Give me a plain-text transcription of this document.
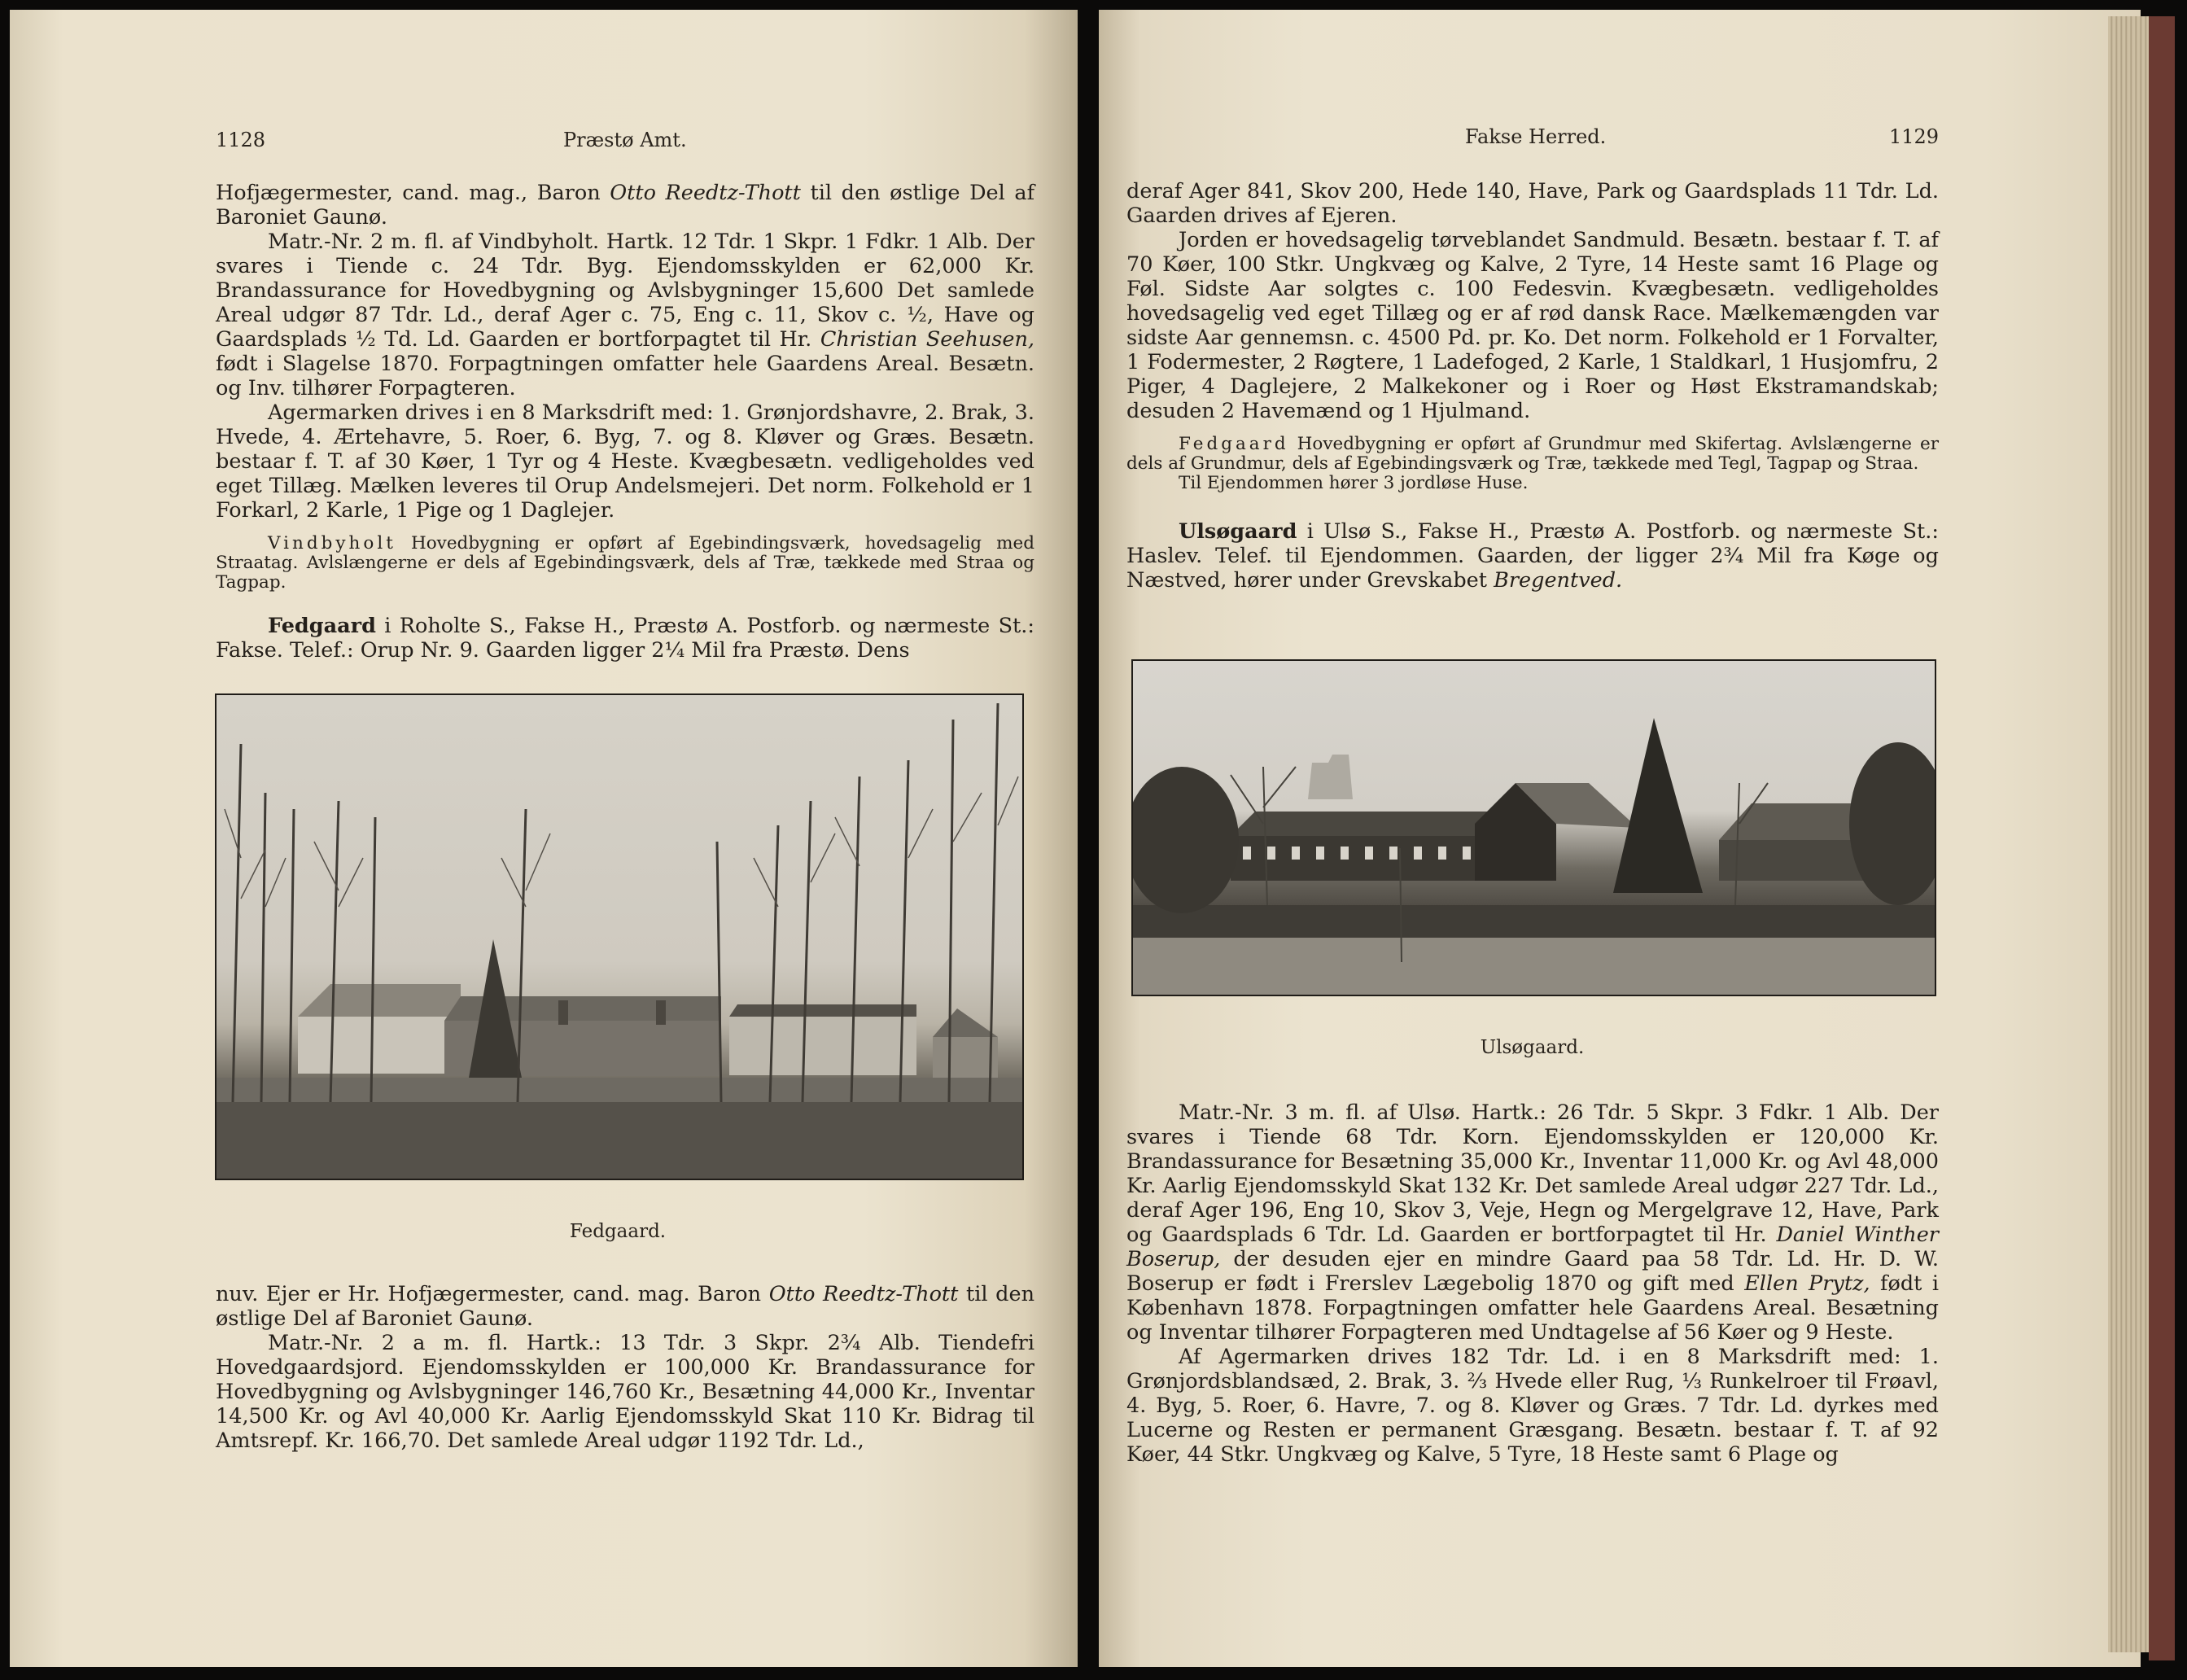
1128	Præstø Amt.

Hofjægermester, cand. mag., Baron Otto Reedtz-Thott til den østlige Del af Baroniet Gaunø.

Matr.-Nr. 2 m. fl. af Vindbyholt. Hartk. 12 Tdr. 1 Skpr. 1 Fdkr. 1 Alb. Der svares i Tiende c. 24 Tdr. Byg. Ejendomsskylden er 62,000 Kr. Brandassurance for Hovedbygning og Avlsbygninger 15,600 Det samlede Areal udgør 87 Tdr. Ld., deraf Ager c. 75, Eng c. 11, Skov c. ½, Have og Gaardsplads ½ Td. Ld. Gaarden er bortforpagtet til Hr. Christian Seehusen, født i Slagelse 1870. Forpagtningen omfatter hele Gaardens Areal. Besætn. og Inv. tilhører Forpagteren.

Agermarken drives i en 8 Marksdrift med: 1. Grønjordshavre, 2. Brak, 3. Hvede, 4. Ærtehavre, 5. Roer, 6. Byg, 7. og 8. Kløver og Græs. Besætn. bestaar f. T. af 30 Køer, 1 Tyr og 4 Heste. Kvægbesætn. vedligeholdes ved eget Tillæg. Mælken leveres til Orup Andelsmejeri. Det norm. Folkehold er 1 Forkarl, 2 Karle, 1 Pige og 1 Daglejer.

Vindbyholt Hovedbygning er opført af Egebindingsværk, hovedsagelig med Straatag. Avlslængerne er dels af Egebindingsværk, dels af Træ, tækkede med Straa og Tagpap.

Fedgaard i Roholte S., Fakse H., Præstø A. Postforb. og nærmeste St.: Fakse. Telef.: Orup Nr. 9. Gaarden ligger 2¼ Mil fra Præstø. Dens

Fedgaard.

nuv. Ejer er Hr. Hofjægermester, cand. mag. Baron Otto Reedtz-Thott til den østlige Del af Baroniet Gaunø.

Matr.-Nr. 2 a m. fl. Hartk.: 13 Tdr. 3 Skpr. 2¾ Alb. Tiendefri Hovedgaardsjord. Ejendomsskylden er 100,000 Kr. Brandassurance for Hovedbygning og Avlsbygninger 146,760 Kr., Besætning 44,000 Kr., Inventar 14,500 Kr. og Avl 40,000 Kr. Aarlig Ejendomsskyld Skat 110 Kr. Bidrag til Amtsrepf. Kr. 166,70. Det samlede Areal udgør 1192 Tdr. Ld.,

Fakse Herred.	1129

deraf Ager 841, Skov 200, Hede 140, Have, Park og Gaardsplads 11 Tdr. Ld. Gaarden drives af Ejeren.

Jorden er hovedsagelig tørveblandet Sandmuld. Besætn. bestaar f. T. af 70 Køer, 100 Stkr. Ungkvæg og Kalve, 2 Tyre, 14 Heste samt 16 Plage og Føl. Sidste Aar solgtes c. 100 Fedesvin. Kvægbesætn. vedligeholdes hovedsagelig ved eget Tillæg og er af rød dansk Race. Mælkemængden var sidste Aar gennemsn. c. 4500 Pd. pr. Ko. Det norm. Folkehold er 1 Forvalter, 1 Fodermester, 2 Røgtere, 1 Ladefoged, 2 Karle, 1 Staldkarl, 1 Husjomfru, 2 Piger, 4 Daglejere, 2 Malkekoner og i Roer og Høst Ekstramandskab; desuden 2 Havemænd og 1 Hjulmand.

Fedgaard Hovedbygning er opført af Grundmur med Skifertag. Avlslængerne er dels af Grundmur, dels af Egebindingsværk og Træ, tækkede med Tegl, Tagpap og Straa.

Til Ejendommen hører 3 jordløse Huse.

Ulsøgaard i Ulsø S., Fakse H., Præstø A. Postforb. og nærmeste St.: Haslev. Telef. til Ejendommen. Gaarden, der ligger 2¾ Mil fra Køge og Næstved, hører under Grevskabet Bregentved.

Ulsøgaard.

Matr.-Nr. 3 m. fl. af Ulsø. Hartk.: 26 Tdr. 5 Skpr. 3 Fdkr. 1 Alb. Der svares i Tiende 68 Tdr. Korn. Ejendomsskylden er 120,000 Kr. Brandassurance for Besætning 35,000 Kr., Inventar 11,000 Kr. og Avl 48,000 Kr. Aarlig Ejendomsskyld Skat 132 Kr. Det samlede Areal udgør 227 Tdr. Ld., deraf Ager 196, Eng 10, Skov 3, Veje, Hegn og Mergelgrave 12, Have, Park og Gaardsplads 6 Tdr. Ld. Gaarden er bortforpagtet til Hr. Daniel Winther Boserup, der desuden ejer en mindre Gaard paa 58 Tdr. Ld. Hr. D. W. Boserup er født i Frerslev Lægebolig 1870 og gift med Ellen Prytz, født i København 1878. Forpagtningen omfatter hele Gaardens Areal. Besætning og Inventar tilhører Forpagteren med Undtagelse af 56 Køer og 9 Heste.

Af Agermarken drives 182 Tdr. Ld. i en 8 Marksdrift med: 1. Grønjordsblandsæd, 2. Brak, 3. ⅔ Hvede eller Rug, ⅓ Runkelroer til Frøavl, 4. Byg, 5. Roer, 6. Havre, 7. og 8. Kløver og Græs. 7 Tdr. Ld. dyrkes med Lucerne og Resten er permanent Græsgang. Besætn. bestaar f. T. af 92 Køer, 44 Stkr. Ungkvæg og Kalve, 5 Tyre, 18 Heste samt 6 Plage og
